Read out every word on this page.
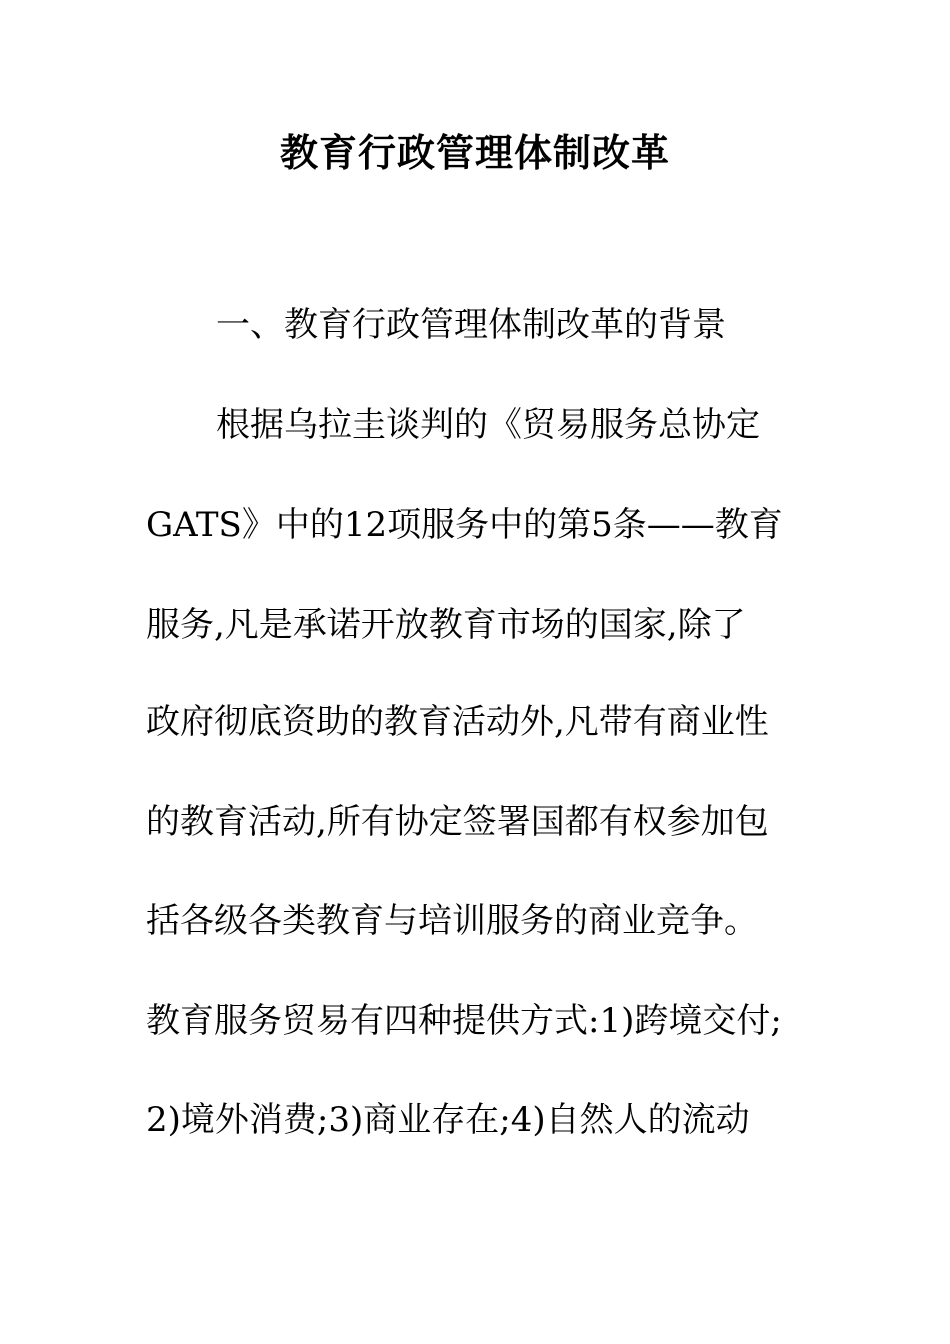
教育行政管理体制改革
一、教育行政管理体制改革的背景
根据乌拉圭谈判的《贸易服务总协定
GATS》中的12项服务中的第5条——教育
服务,凡是承诺开放教育市场的国家,除了
政府彻底资助的教育活动外,凡带有商业性
的教育活动,所有协定签署国都有权参加包
括各级各类教育与培训服务的商业竞争。
教育服务贸易有四种提供方式:1)跨境交付;
2)境外消费;3)商业存在;4)自然人的流动
